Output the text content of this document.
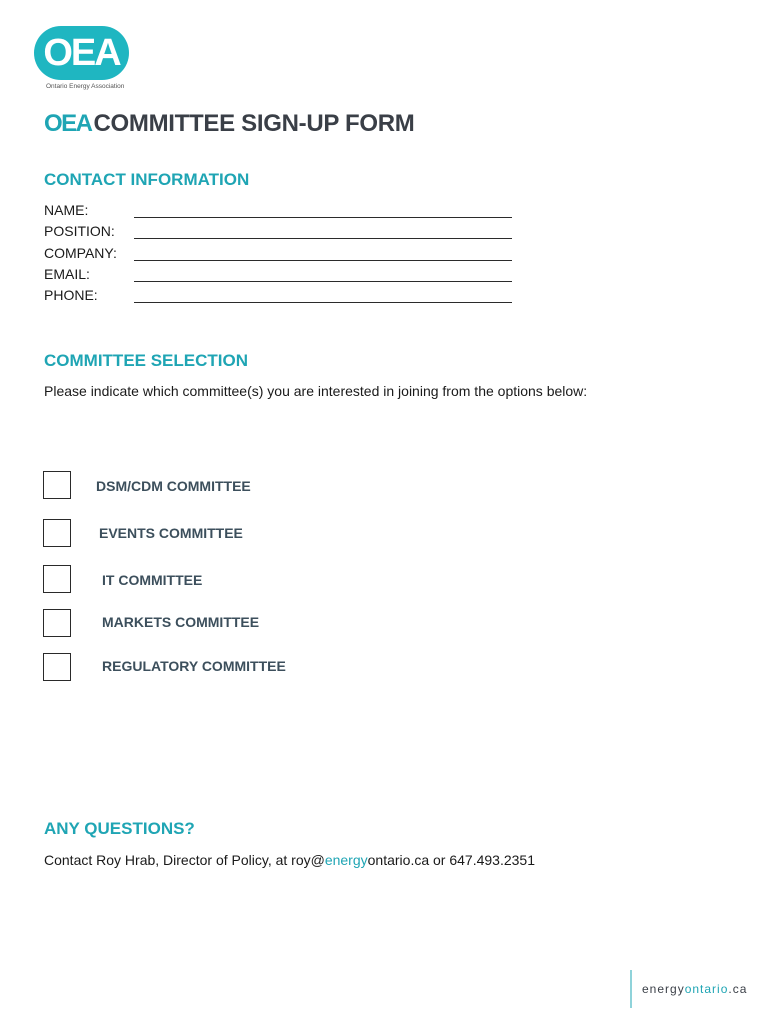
OEA
Ontario Energy Association
OEACOMMITTEE SIGN-UP FORM
CONTACT INFORMATION
NAME:
POSITION:
COMPANY:
EMAIL:
PHONE:
COMMITTEE SELECTION
Please indicate which committee(s) you are interested in joining from the options below:
DSM/CDM COMMITTEE
EVENTS COMMITTEE
IT COMMITTEE
MARKETS COMMITTEE
REGULATORY COMMITTEE
ANY QUESTIONS?
Contact Roy Hrab, Director of Policy, at roy@energyontario.ca or 647.493.2351
energyontario.ca
